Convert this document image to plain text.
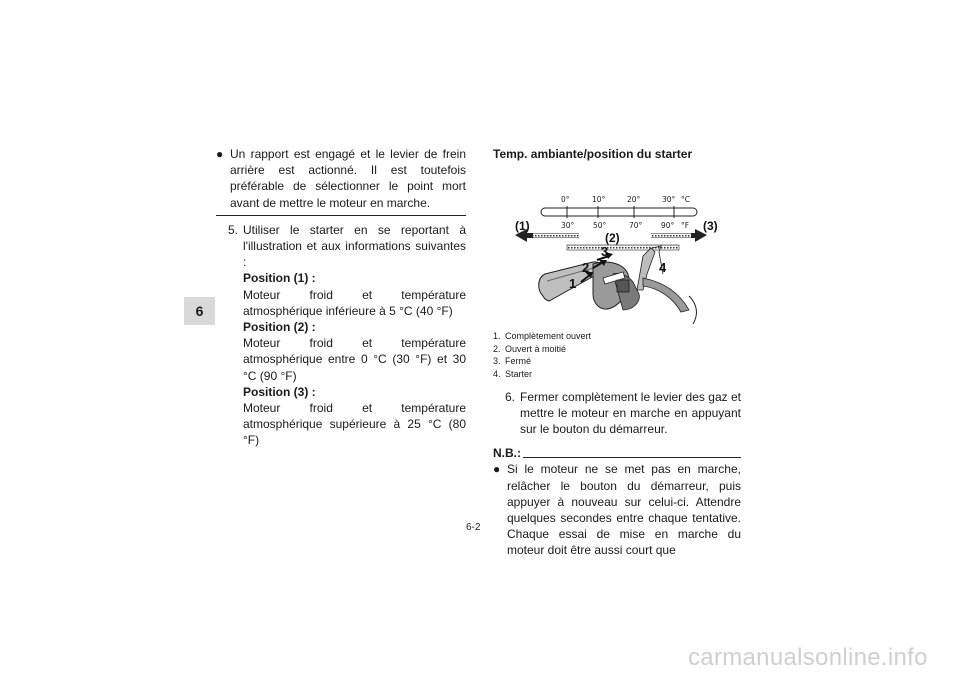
6
● Un rapport est engagé et le levier de frein arrière est actionné. Il est toutefois préférable de sélectionner le point mort avant de mettre le moteur en marche.
5. Utiliser le starter en se reportant à l'illustration et aux informations suivantes :
Position (1) :
Moteur froid et température atmosphérique inférieure à 5 °C (40 °F)
Position (2) :
Moteur froid et température atmosphérique entre 0 °C (30 °F) et 30 °C (90 °F)
Position (3) :
Moteur froid et température atmosphérique supérieure à 25 °C (80 °F)
Temp. ambiante/position du starter
0°	10°	20°	30° °C
30° 50°	70° 90° °F
(1)
(2)
(3)
1
2
3
4
1. Complètement ouvert
2. Ouvert à moitié
3. Fermé
4. Starter
6. Fermer complètement le levier des gaz et mettre le moteur en marche en appuyant sur le bouton du démarreur.
N.B.:
● Si le moteur ne se met pas en marche, relâcher le bouton du démarreur, puis appuyer à nouveau sur celui-ci. Attendre quelques secondes entre chaque tentative. Chaque essai de mise en marche du moteur doit être aussi court que
6-2
carmanualsonline.info
